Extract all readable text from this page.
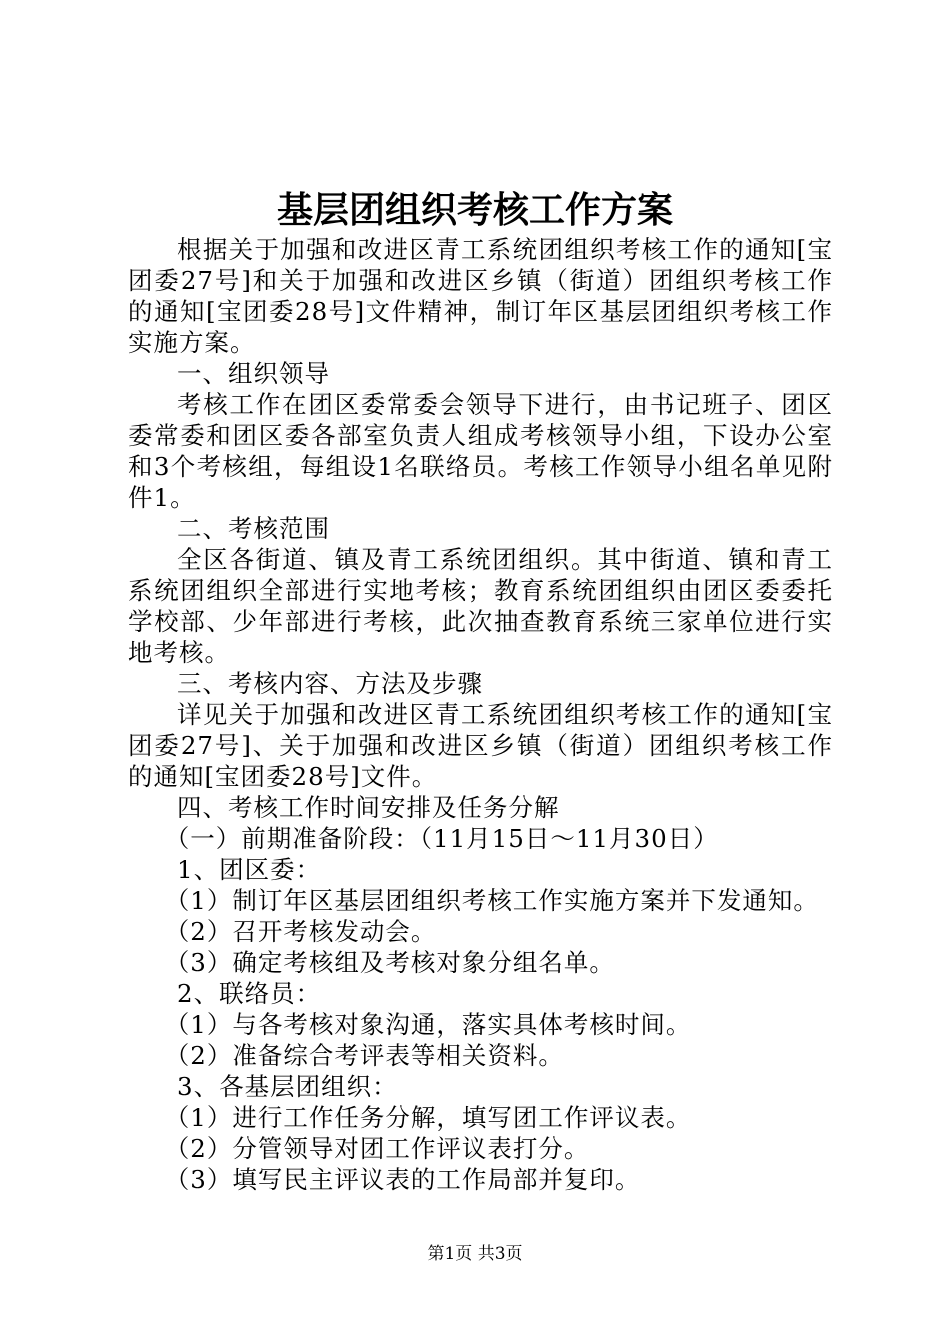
基层团组织考核工作方案

根据关于加强和改进区青工系统团组织考核工作的通知[宝团委27号]和关于加强和改进区乡镇（街道）团组织考核工作的通知[宝团委28号]文件精神，制订年区基层团组织考核工作实施方案。

一、组织领导

考核工作在团区委常委会领导下进行，由书记班子、团区委常委和团区委各部室负责人组成考核领导小组，下设办公室和3个考核组，每组设1名联络员。考核工作领导小组名单见附件1。

二、考核范围

全区各街道、镇及青工系统团组织。其中街道、镇和青工系统团组织全部进行实地考核；教育系统团组织由团区委委托学校部、少年部进行考核，此次抽查教育系统三家单位进行实地考核。

三、考核内容、方法及步骤

详见关于加强和改进区青工系统团组织考核工作的通知[宝团委27号]、关于加强和改进区乡镇（街道）团组织考核工作的通知[宝团委28号]文件。

四、考核工作时间安排及任务分解

（一）前期准备阶段：（11月15日～11月30日）

1、团区委：

（1）制订年区基层团组织考核工作实施方案并下发通知。

（2）召开考核发动会。

（3）确定考核组及考核对象分组名单。

2、联络员：

（1）与各考核对象沟通，落实具体考核时间。

（2）准备综合考评表等相关资料。

3、各基层团组织：

（1）进行工作任务分解，填写团工作评议表。

（2）分管领导对团工作评议表打分。

（3）填写民主评议表的工作局部并复印。

第1页 共3页
